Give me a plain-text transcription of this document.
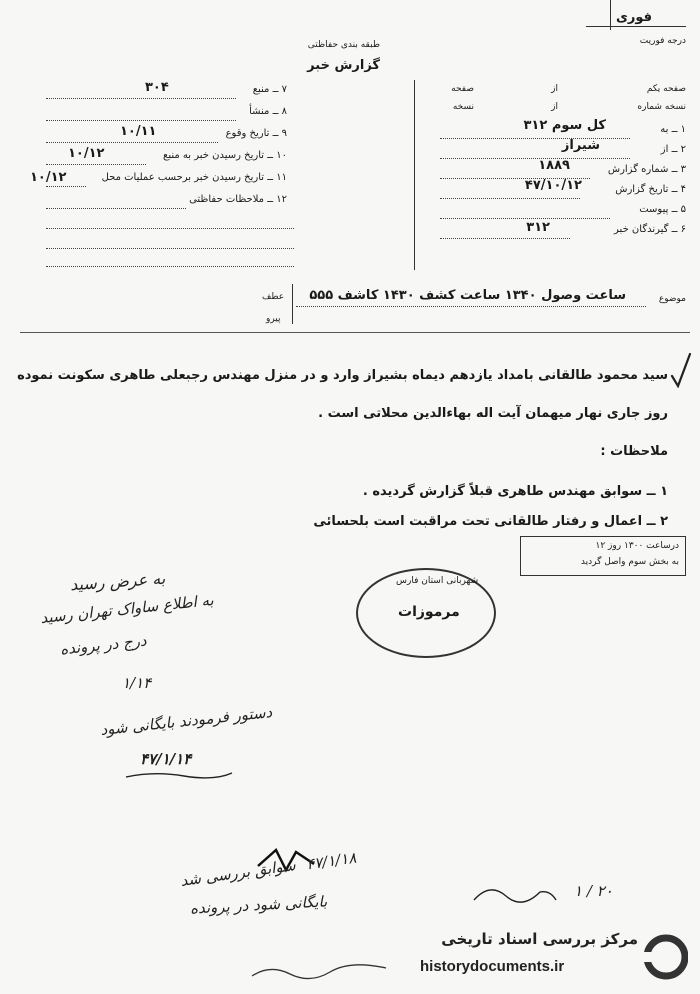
فوری
درجه فوریت
طبقه بندی حفاظتی
گزارش خبر
۷ ــ منبع
۳۰۴
۸ ــ منشأ
۹ ــ تاریخ وقوع
۱۰/۱۱
۱۰ ــ تاریخ رسیدن خبر به منبع
۱۰/۱۲
۱۱ ــ تاریخ رسیدن خبر برحسب عملیات محل
۱۰/۱۲
۱۲ ــ ملاحظات حفاظتی
صفحه یکم
از
صفحه
نسخه شماره
از
نسخه
۱ ــ به
کل سوم ۳۱۲
۲ ــ از
شیراز
۳ ــ شماره گزارش
۱۸۸۹
۴ ــ تاریخ گزارش
۴۷/۱۰/۱۲
۵ ــ پیوست
۶ ــ گیرندگان خبر
۳۱۲
موضوع
ساعت وصول ۱۳۴۰ ساعت کشف ۱۴۳۰ کاشف ۵۵۵
عطف
پیرو
سید محمود طالقانی بامداد یازدهم دیماه بشیراز وارد و در منزل مهندس رجبعلی طاهری سکونت نموده
روز جاری نهار میهمان آیت اله بهاءالدین محلاتی است .
ملاحظات :
۱ ــ سوابق مهندس طاهری قبلاً گزارش گردیده .
۲ ــ اعمال و رفتار طالقانی تحت مراقبت است بلحسائی
درساعت ۱۳۰۰ روز ۱۲
به بخش سوم واصل گردید
شهربانی استان فارس
مرموزات
به عرض رسید
به اطلاع ساواک تهران رسید
درج در پرونده
۱/۱۴
دستور فرمودند بایگانی شود
۴۷/۱/۱۴
سوابق بررسی شد ۴۷/۱/۱۸
بایگانی شود در پرونده
۲۰ / ۱
مرکز بررسی اسناد تاریخی
historydocuments.ir
